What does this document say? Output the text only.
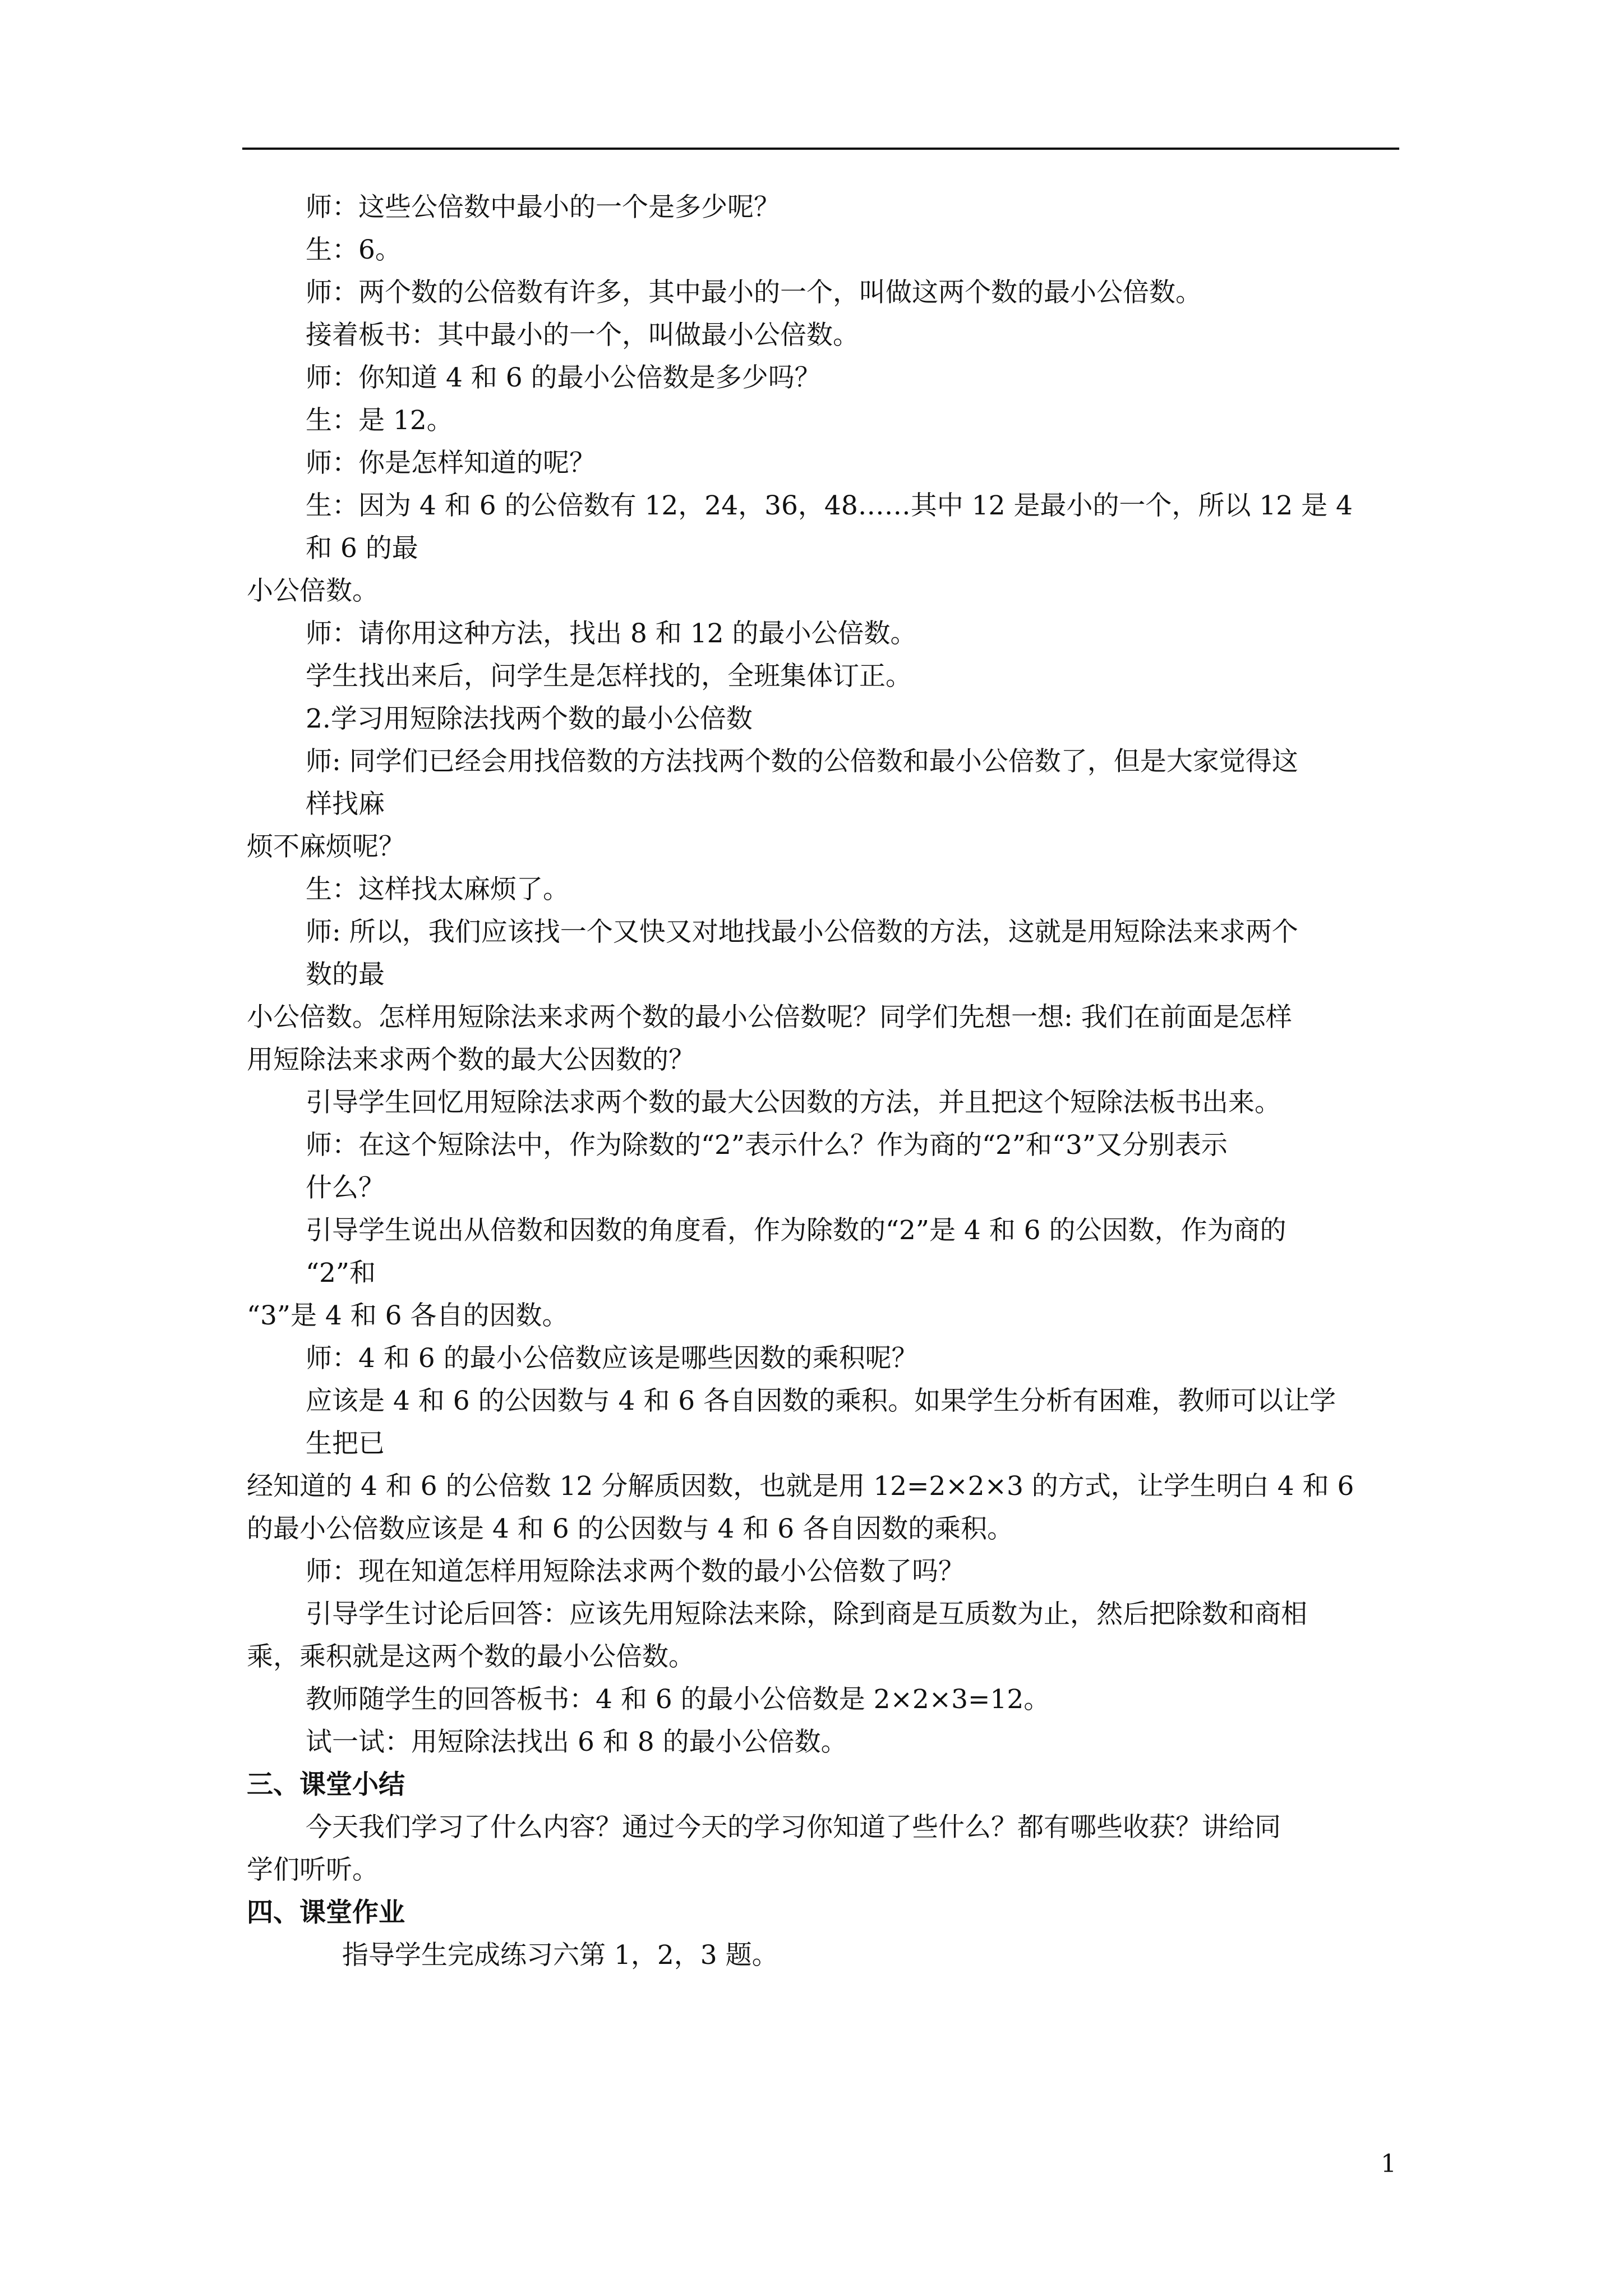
师：这些公倍数中最小的一个是多少呢？
生：6。
师：两个数的公倍数有许多，其中最小的一个，叫做这两个数的最小公倍数。
接着板书：其中最小的一个，叫做最小公倍数。
师：你知道 4 和 6 的最小公倍数是多少吗？
生：是 12。
师：你是怎样知道的呢？
生：因为 4 和 6 的公倍数有 12，24，36，48……其中 12 是最小的一个，所以 12 是 4
和 6 的最
小公倍数。
师：请你用这种方法，找出 8 和 12 的最小公倍数。
学生找出来后，问学生是怎样找的，全班集体订正。
2.学习用短除法找两个数的最小公倍数
师: 同学们已经会用找倍数的方法找两个数的公倍数和最小公倍数了，但是大家觉得这
样找麻
烦不麻烦呢？
生：这样找太麻烦了。
师: 所以，我们应该找一个又快又对地找最小公倍数的方法，这就是用短除法来求两个
数的最
小公倍数。怎样用短除法来求两个数的最小公倍数呢？同学们先想一想: 我们在前面是怎样
用短除法来求两个数的最大公因数的？
引导学生回忆用短除法求两个数的最大公因数的方法，并且把这个短除法板书出来。
师：在这个短除法中，作为除数的“2”表示什么？作为商的“2”和“3”又分别表示
什么？
引导学生说出从倍数和因数的角度看，作为除数的“2”是 4 和 6 的公因数，作为商的
“2”和
“3”是 4 和 6 各自的因数。
师：4 和 6 的最小公倍数应该是哪些因数的乘积呢？
应该是 4 和 6 的公因数与 4 和 6 各自因数的乘积。如果学生分析有困难，教师可以让学
生把已
经知道的 4 和 6 的公倍数 12 分解质因数，也就是用 12=2×2×3 的方式，让学生明白 4 和 6
的最小公倍数应该是 4 和 6 的公因数与 4 和 6 各自因数的乘积。
师：现在知道怎样用短除法求两个数的最小公倍数了吗？
引导学生讨论后回答：应该先用短除法来除，除到商是互质数为止，然后把除数和商相
乘，乘积就是这两个数的最小公倍数。
教师随学生的回答板书：4 和 6 的最小公倍数是 2×2×3=12。
试一试：用短除法找出 6 和 8 的最小公倍数。
三、课堂小结
今天我们学习了什么内容？通过今天的学习你知道了些什么？都有哪些收获？讲给同
学们听听。
四、课堂作业
指导学生完成练习六第 1，2，3 题。
1
